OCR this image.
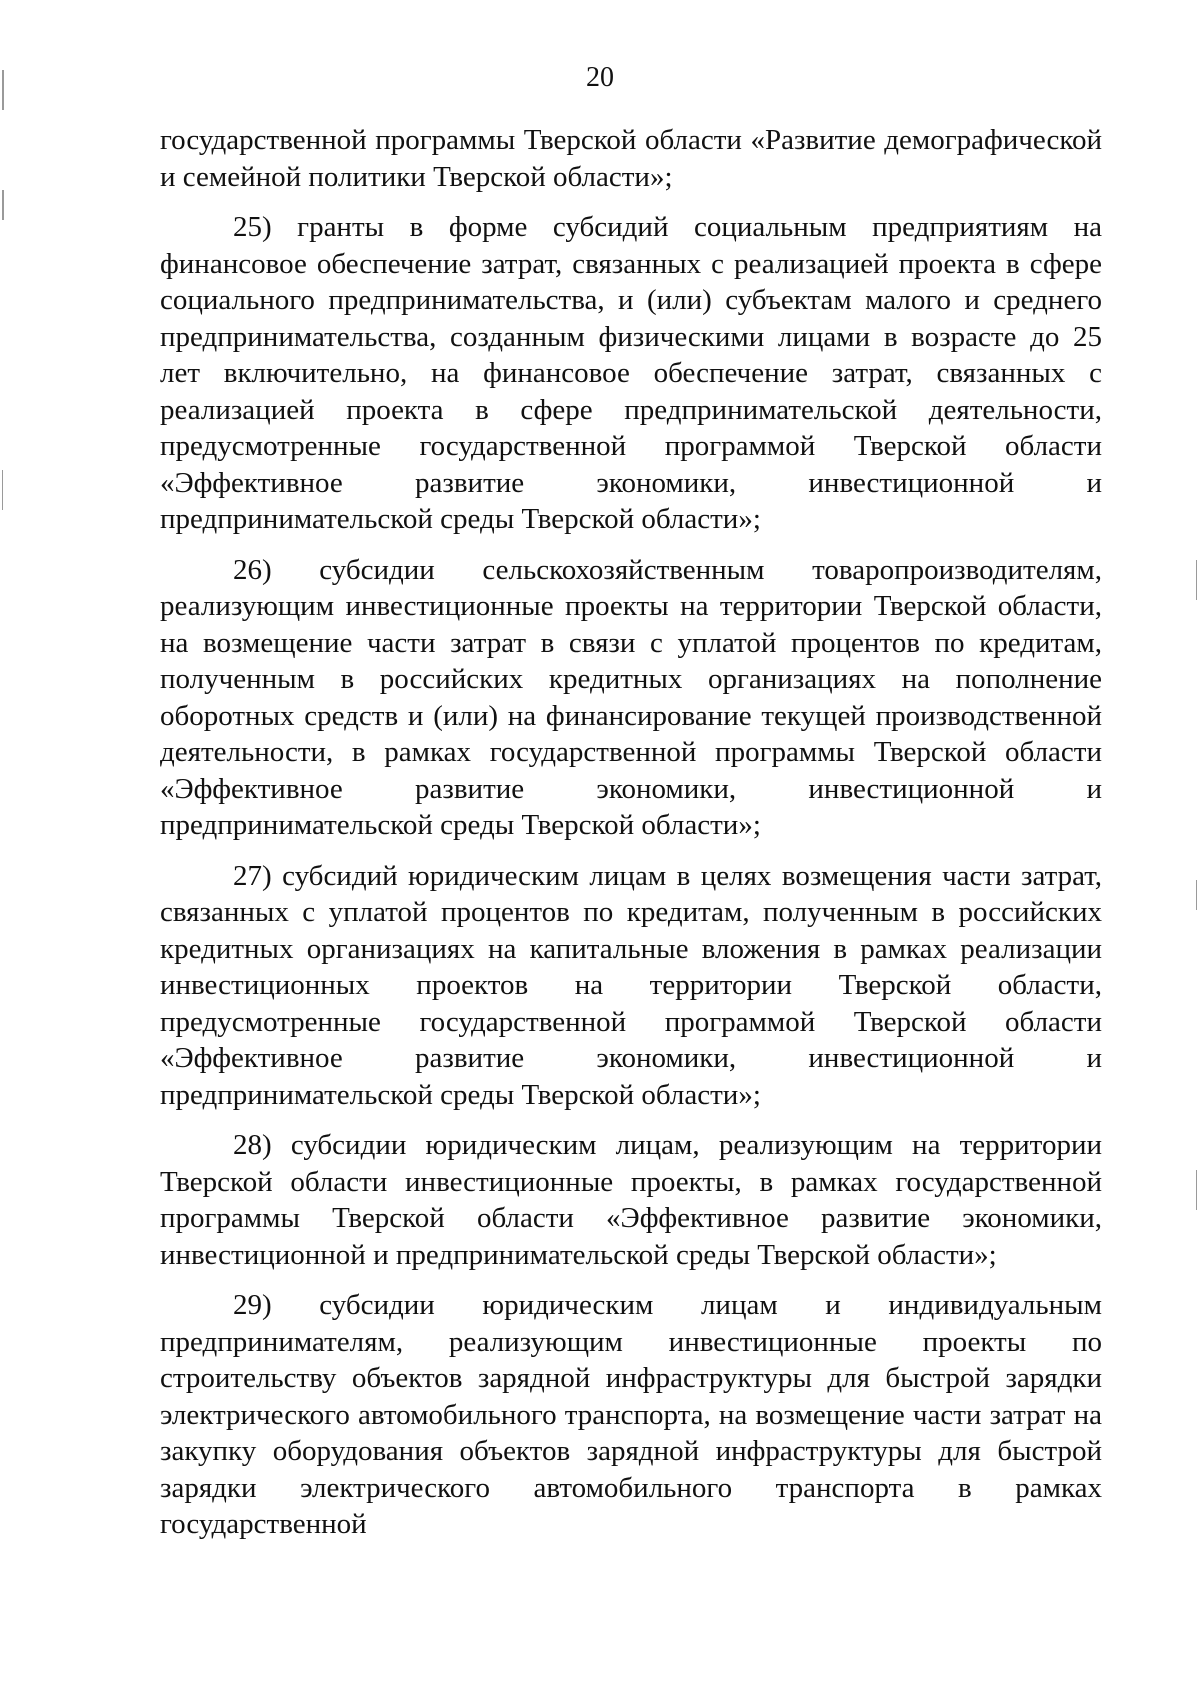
20

государственной программы Тверской области «Развитие демографической и семейной политики Тверской области»;

25) гранты в форме субсидий социальным предприятиям на финансовое обеспечение затрат, связанных с реализацией проекта в сфере социального предпринимательства, и (или) субъектам малого и среднего предпринимательства, созданным физическими лицами в возрасте до 25 лет включительно, на финансовое обеспечение затрат, связанных с реализацией проекта в сфере предпринимательской деятельности, предусмотренные государственной программой Тверской области «Эффективное развитие экономики, инвестиционной и предпринимательской среды Тверской области»;

26) субсидии сельскохозяйственным товаропроизводителям, реализующим инвестиционные проекты на территории Тверской области, на возмещение части затрат в связи с уплатой процентов по кредитам, полученным в российских кредитных организациях на пополнение оборотных средств и (или) на финансирование текущей производственной деятельности, в рамках государственной программы Тверской области «Эффективное развитие экономики, инвестиционной и предпринимательской среды Тверской области»;

27) субсидий юридическим лицам в целях возмещения части затрат, связанных с уплатой процентов по кредитам, полученным в российских кредитных организациях на капитальные вложения в рамках реализации инвестиционных проектов на территории Тверской области, предусмотренные государственной программой Тверской области «Эффективное развитие экономики, инвестиционной и предпринимательской среды Тверской области»;

28) субсидии юридическим лицам, реализующим на территории Тверской области инвестиционные проекты, в рамках государственной программы Тверской области «Эффективное развитие экономики, инвестиционной и предпринимательской среды Тверской области»;

29) субсидии юридическим лицам и индивидуальным предпринимателям, реализующим инвестиционные проекты по строительству объектов зарядной инфраструктуры для быстрой зарядки электрического автомобильного транспорта, на возмещение части затрат на закупку оборудования объектов зарядной инфраструктуры для быстрой зарядки электрического автомобильного транспорта в рамках государственной
